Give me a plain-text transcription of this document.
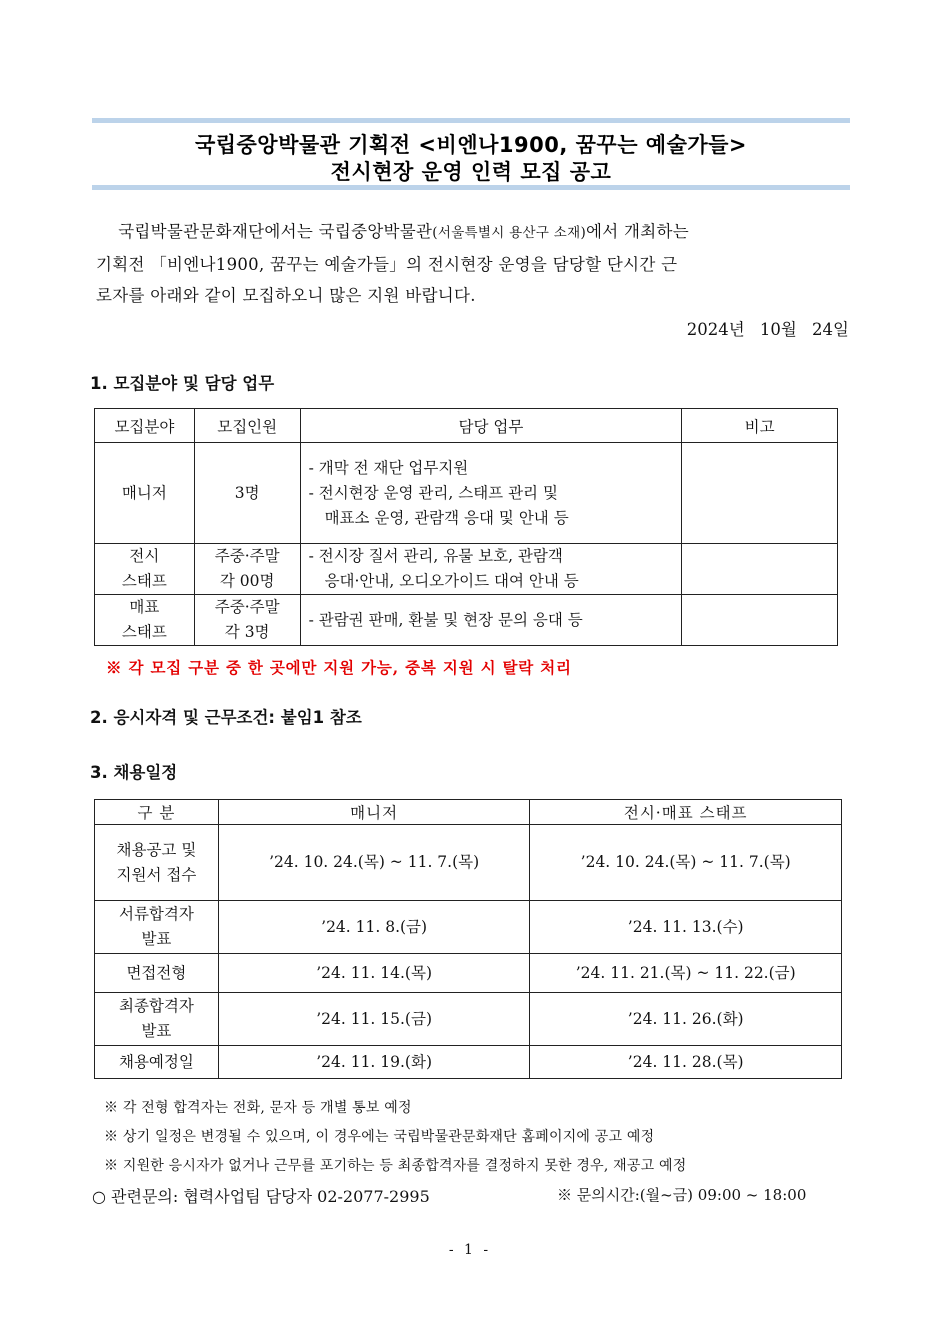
국립중앙박물관 기획전 <비엔나1900, 꿈꾸는 예술가들>
전시현장 운영 인력 모집 공고
국립박물관문화재단에서는 국립중앙박물관(서울특별시 용산구 소재)에서 개최하는
기획전 「비엔나1900, 꿈꾸는 예술가들」의 전시현장 운영을 담당할 단시간 근
로자를 아래와 같이 모집하오니 많은 지원 바랍니다.
2024년 10월 24일
1. 모집분야 및 담당 업무
모집분야	모집인원	담당 업무	비고
매니저	3명	- 개막 전 재단 업무지원
- 전시현장 운영 관리, 스태프 관리 및
매표소 운영, 관람객 응대 및 안내 등	

전시
스태프	주중·주말
각 00명	- 전시장 질서 관리, 유물 보호, 관람객
응대·안내, 오디오가이드 대여 안내 등	

매표
스태프	주중·주말
각 3명	- 관람권 판매, 환불 및 현장 문의 응대 등	

※ 각 모집 구분 중 한 곳에만 지원 가능, 중복 지원 시 탈락 처리
2. 응시자격 및 근무조건: 붙임1 참조
3. 채용일정
구 분	매니저	전시·매표 스태프
채용공고 및
지원서 접수	’24. 10. 24.(목) ~ 11. 7.(목)	’24. 10. 24.(목) ~ 11. 7.(목)
서류합격자
발표	’24. 11. 8.(금)	’24. 11. 13.(수)
면접전형	’24. 11. 14.(목)	’24. 11. 21.(목) ~ 11. 22.(금)
최종합격자
발표	’24. 11. 15.(금)	’24. 11. 26.(화)
채용예정일	’24. 11. 19.(화)	’24. 11. 28.(목)
※ 각 전형 합격자는 전화, 문자 등 개별 통보 예정
※ 상기 일정은 변경될 수 있으며, 이 경우에는 국립박물관문화재단 홈페이지에 공고 예정
※ 지원한 응시자가 없거나 근무를 포기하는 등 최종합격자를 결정하지 못한 경우, 재공고 예정
○ 관련문의: 협력사업팀 담당자 02-2077-2995	※ 문의시간:(월~금) 09:00 ~ 18:00
- 1 -
